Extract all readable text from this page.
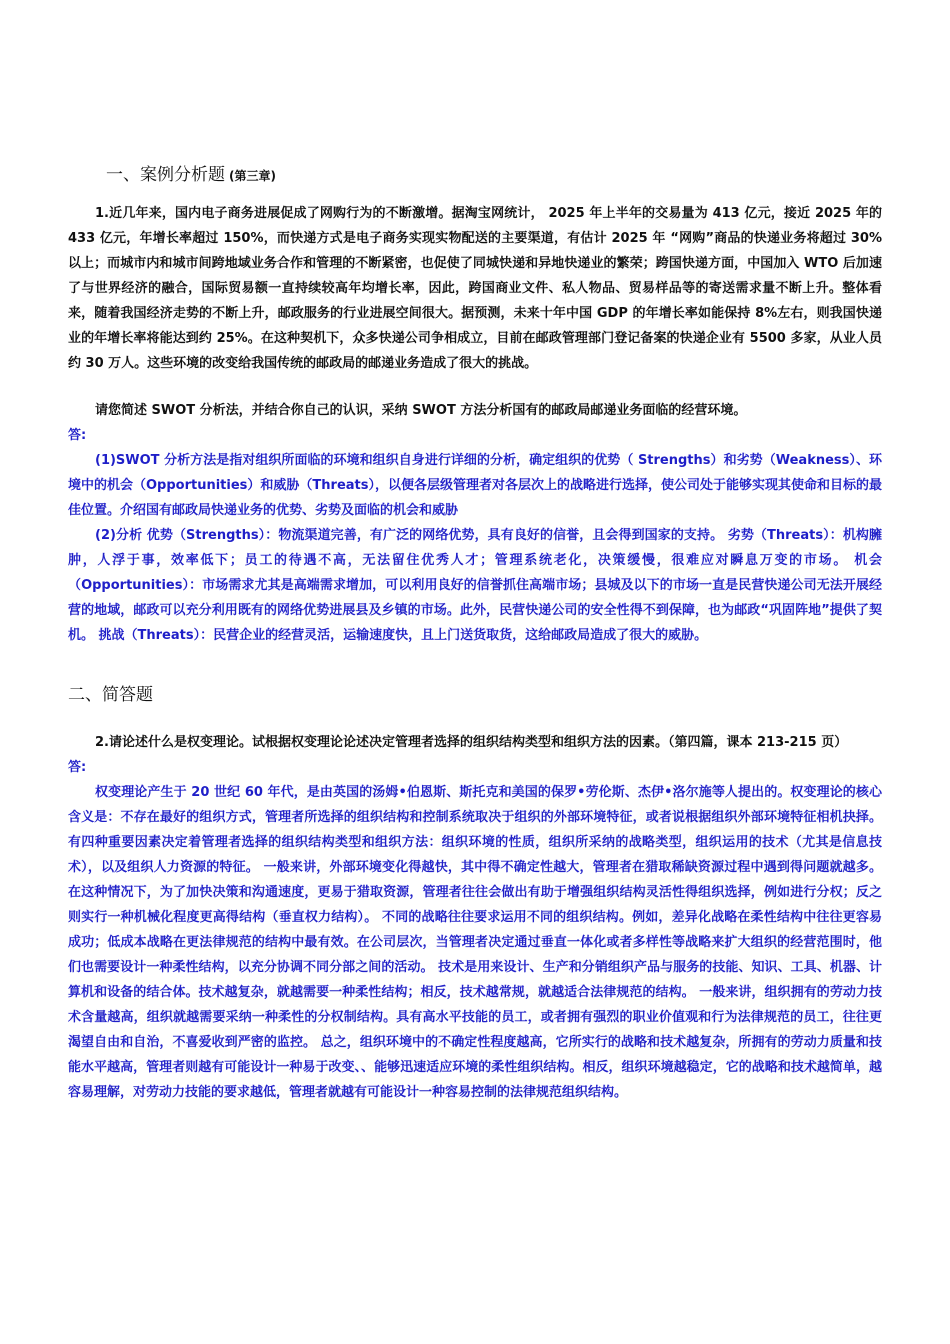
一、案例分析题 (第三章)

1.近几年来，国内电子商务进展促成了网购行为的不断激增。据淘宝网统计， 2025 年上半年的交易量为 413 亿元，接近 2025 年的 433 亿元，年增长率超过 150%，而快递方式是电子商务实现实物配送的主要渠道，有估计 2025 年 “网购”商品的快递业务将超过 30%以上；而城市内和城市间跨地域业务合作和管理的不断紧密，也促使了同城快递和异地快递业的繁荣；跨国快递方面，中国加入 WTO 后加速了与世界经济的融合，国际贸易额一直持续较高年均增长率，因此，跨国商业文件、私人物品、贸易样品等的寄送需求量不断上升。整体看来，随着我国经济走势的不断上升，邮政服务的行业进展空间很大。据预测，未来十年中国 GDP 的年增长率如能保持 8%左右，则我国快递业的年增长率将能达到约 25%。在这种契机下，众多快递公司争相成立，目前在邮政管理部门登记备案的快递企业有 5500 多家，从业人员约 30 万人。这些环境的改变给我国传统的邮政局的邮递业务造成了很大的挑战。

请您简述 SWOT 分析法，并结合你自己的认识，采纳 SWOT 方法分析国有的邮政局邮递业务面临的经营环境。

答:

(1)SWOT 分析方法是指对组织所面临的环境和组织自身进行详细的分析，确定组织的优势（ Strengths）和劣势（Weakness）、环境中的机会（Opportunities）和威胁（Threats），以便各层级管理者对各层次上的战略进行选择，使公司处于能够实现其使命和目标的最佳位置。介绍国有邮政局快递业务的优势、劣势及面临的机会和威胁

(2)分析 优势（Strengths）：物流渠道完善，有广泛的网络优势，具有良好的信誉，且会得到国家的支持。 劣势（Threats）：机构臃肿，人浮于事，效率低下；员工的待遇不高，无法留住优秀人才；管理系统老化，决策缓慢，很难应对瞬息万变的市场。 机会（Opportunities）：市场需求尤其是高端需求增加，可以利用良好的信誉抓住高端市场；县城及以下的市场一直是民营快递公司无法开展经营的地域，邮政可以充分利用既有的网络优势进展县及乡镇的市场。此外，民营快递公司的安全性得不到保障，也为邮政“巩固阵地”提供了契机。 挑战（Threats）：民营企业的经营灵活，运输速度快，且上门送货取货，这给邮政局造成了很大的威胁。

二、简答题

2.请论述什么是权变理论。试根据权变理论论述决定管理者选择的组织结构类型和组织方法的因素。（第四篇，课本 213-215 页）

答:

权变理论产生于 20 世纪 60 年代，是由英国的汤姆•伯恩斯、斯托克和美国的保罗•劳伦斯、杰伊•洛尔施等人提出的。权变理论的核心含义是：不存在最好的组织方式，管理者所选择的组织结构和控制系统取决于组织的外部环境特征，或者说根据组织外部环境特征相机抉择。 有四种重要因素决定着管理者选择的组织结构类型和组织方法：组织环境的性质，组织所采纳的战略类型，组织运用的技术（尤其是信息技术），以及组织人力资源的特征。 一般来讲，外部环境变化得越快，其中得不确定性越大，管理者在猎取稀缺资源过程中遇到得问题就越多。在这种情况下，为了加快决策和沟通速度，更易于猎取资源，管理者往往会做出有助于增强组织结构灵活性得组织选择，例如进行分权；反之则实行一种机械化程度更高得结构（垂直权力结构）。 不同的战略往往要求运用不同的组织结构。例如，差异化战略在柔性结构中往往更容易成功；低成本战略在更法律规范的结构中最有效。在公司层次，当管理者决定通过垂直一体化或者多样性等战略来扩大组织的经营范围时，他们也需要设计一种柔性结构，以充分协调不同分部之间的活动。 技术是用来设计、生产和分销组织产品与服务的技能、知识、工具、机器、计算机和设备的结合体。技术越复杂，就越需要一种柔性结构；相反，技术越常规，就越适合法律规范的结构。 一般来讲，组织拥有的劳动力技术含量越高，组织就越需要采纳一种柔性的分权制结构。具有高水平技能的员工，或者拥有强烈的职业价值观和行为法律规范的员工，往往更渴望自由和自治，不喜爱收到严密的监控。 总之，组织环境中的不确定性程度越高，它所实行的战略和技术越复杂，所拥有的劳动力质量和技能水平越高，管理者则越有可能设计一种易于改变、、能够迅速适应环境的柔性组织结构。相反，组织环境越稳定，它的战略和技术越简单，越容易理解，对劳动力技能的要求越低，管理者就越有可能设计一种容易控制的法律规范组织结构。
